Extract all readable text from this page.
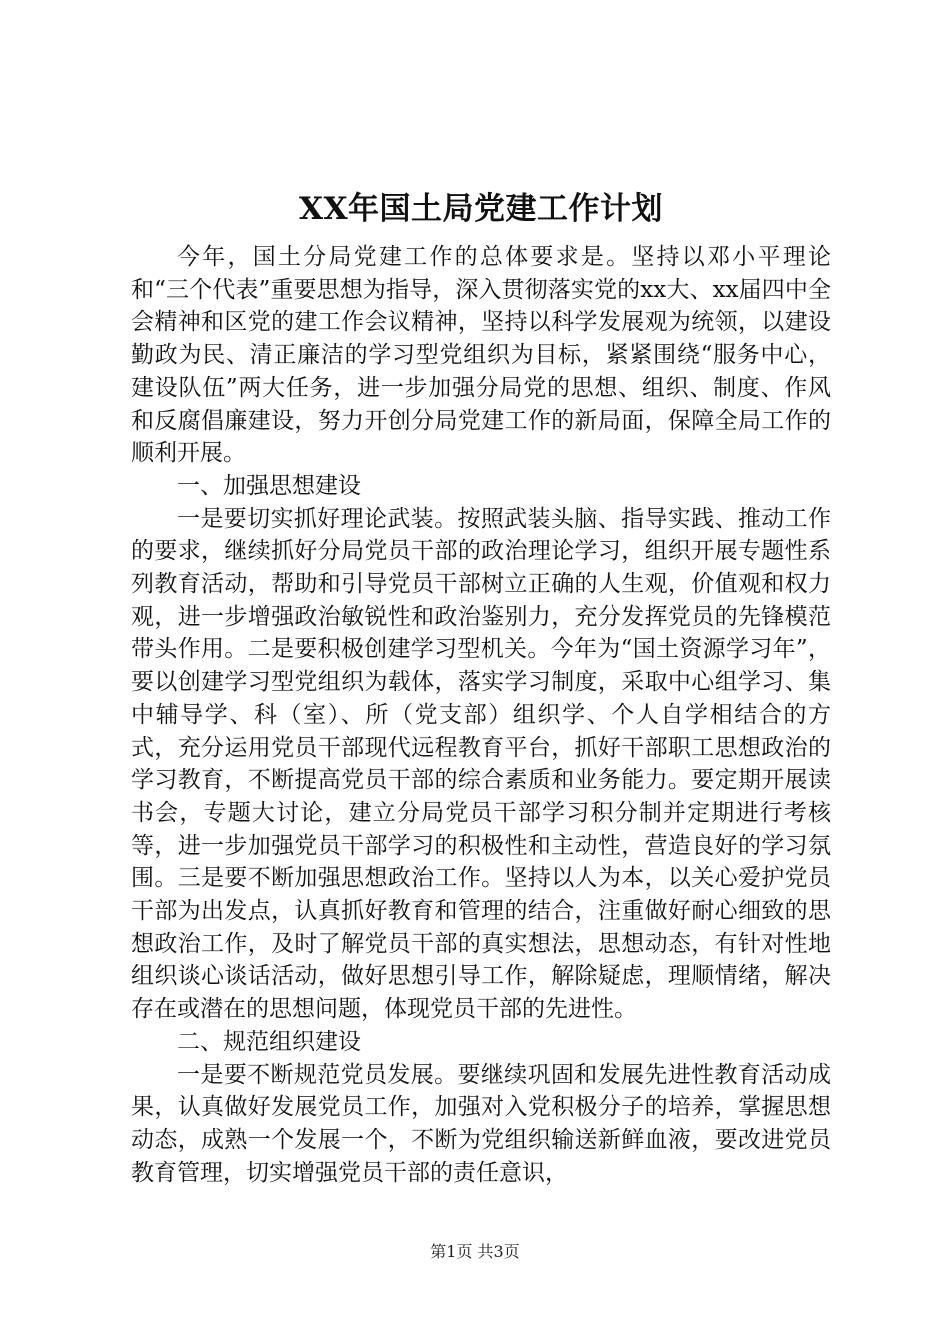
XX年国土局党建工作计划

今年，国土分局党建工作的总体要求是。坚持以邓小平理论和“三个代表”重要思想为指导，深入贯彻落实党的xx大、xx届四中全会精神和区党的建工作会议精神，坚持以科学发展观为统领，以建设勤政为民、清正廉洁的学习型党组织为目标，紧紧围绕“服务中心，建设队伍”两大任务，进一步加强分局党的思想、组织、制度、作风和反腐倡廉建设，努力开创分局党建工作的新局面，保障全局工作的顺利开展。

一、加强思想建设

一是要切实抓好理论武装。按照武装头脑、指导实践、推动工作的要求，继续抓好分局党员干部的政治理论学习，组织开展专题性系列教育活动，帮助和引导党员干部树立正确的人生观，价值观和权力观，进一步增强政治敏锐性和政治鉴别力，充分发挥党员的先锋模范带头作用。二是要积极创建学习型机关。今年为“国土资源学习年”，要以创建学习型党组织为载体，落实学习制度，采取中心组学习、集中辅导学、科（室）、所（党支部）组织学、个人自学相结合的方式，充分运用党员干部现代远程教育平台，抓好干部职工思想政治的学习教育，不断提高党员干部的综合素质和业务能力。要定期开展读书会，专题大讨论，建立分局党员干部学习积分制并定期进行考核等，进一步加强党员干部学习的积极性和主动性，营造良好的学习氛围。三是要不断加强思想政治工作。坚持以人为本，以关心爱护党员干部为出发点，认真抓好教育和管理的结合，注重做好耐心细致的思想政治工作，及时了解党员干部的真实想法，思想动态，有针对性地组织谈心谈话活动，做好思想引导工作，解除疑虑，理顺情绪，解决存在或潜在的思想问题，体现党员干部的先进性。

二、规范组织建设

一是要不断规范党员发展。要继续巩固和发展先进性教育活动成果，认真做好发展党员工作，加强对入党积极分子的培养，掌握思想动态，成熟一个发展一个，不断为党组织输送新鲜血液，要改进党员教育管理，切实增强党员干部的责任意识，

第1页 共3页
